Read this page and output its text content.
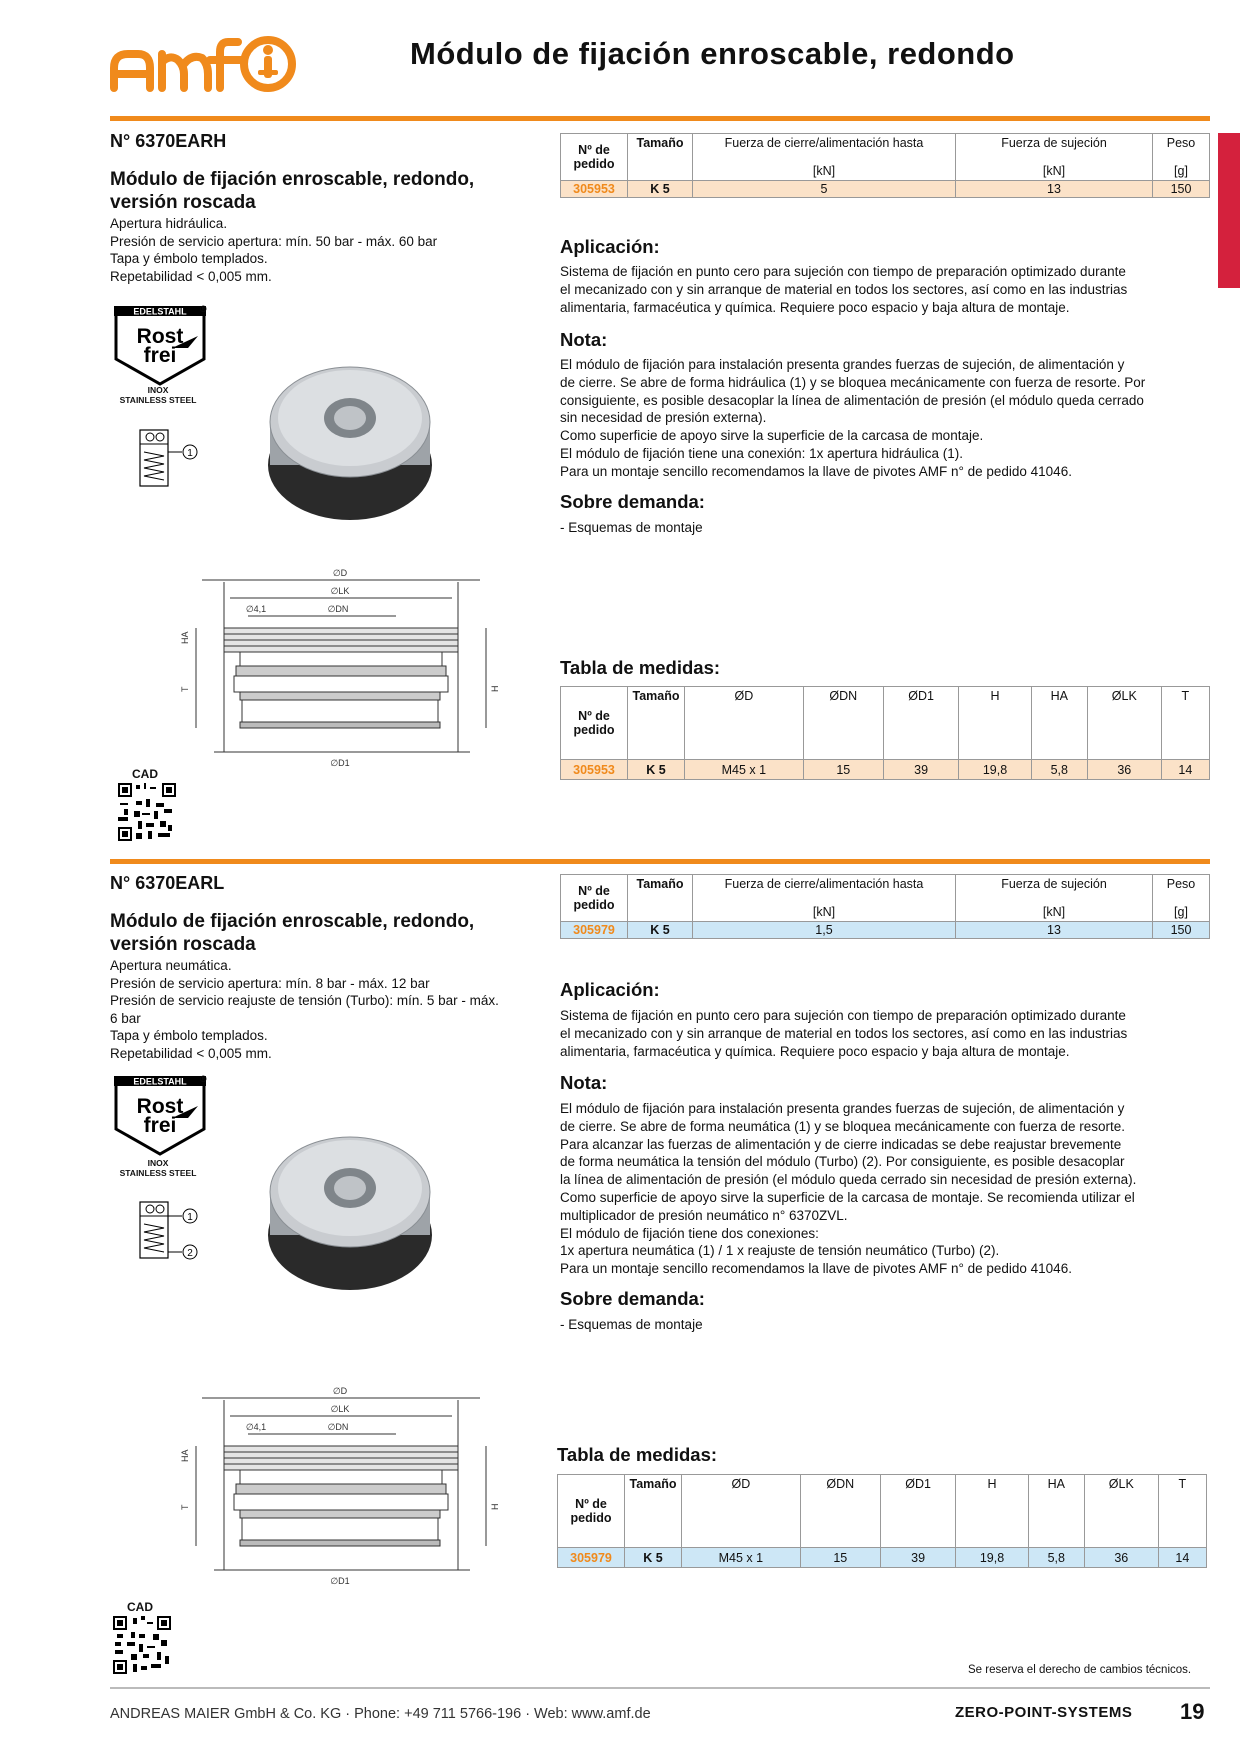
Módulo de fijación enroscable, redondo
N° 6370EARH
Módulo de fijación enroscable, redondo,
versión roscada
Apertura hidráulica.
Presión de servicio apertura: mín. 50 bar - máx. 60 bar
Tapa y émbolo templados.
Repetabilidad < 0,005 mm.
EDELSTAHL
Rost
frei
®
INOX
STAINLESS STEEL
1
∅D
∅LK
∅DN
∅4,1
∅D1
HA
T	H
CAD
Nº de pedido	Tamaño	Fuerza de cierre/alimentación hasta	Fuerza de sujeción	Peso
		[kN]	[kN]	[g]
305953	K 5	5	13	150
Aplicación:
Sistema de fijación en punto cero para sujeción con tiempo de preparación optimizado durante
el mecanizado con y sin arranque de material en todos los sectores, así como en las industrias
alimentaria, farmacéutica y química. Requiere poco espacio y baja altura de montaje.
Nota:
El módulo de fijación para instalación presenta grandes fuerzas de sujeción, de alimentación y
de cierre. Se abre de forma hidráulica (1) y se bloquea mecánicamente con fuerza de resorte. Por
consiguiente, es posible desacoplar la línea de alimentación de presión (el módulo queda cerrado
sin necesidad de presión externa).
Como superficie de apoyo sirve la superficie de la carcasa de montaje.
El módulo de fijación tiene una conexión: 1x apertura hidráulica (1).
Para un montaje sencillo recomendamos la llave de pivotes AMF n° de pedido 41046.
Sobre demanda:
- Esquemas de montaje
Tabla de medidas:
Nº de pedido	Tamaño	ØD	ØDN	ØD1	H	HA	ØLK	T
305953	K 5	M45 x 1	15	39	19,8	5,8	36	14
N° 6370EARL
Módulo de fijación enroscable, redondo,
versión roscada
Apertura neumática.
Presión de servicio apertura: mín. 8 bar - máx. 12 bar
Presión de servicio reajuste de tensión (Turbo): mín. 5 bar - máx.
6 bar
Tapa y émbolo templados.
Repetabilidad < 0,005 mm.
EDELSTAHL
Rost
frei
®
INOX
STAINLESS STEEL
1
2
∅D
∅LK
∅DN
∅4,1
∅D1
HA
T	H
CAD
Nº de pedido	Tamaño	Fuerza de cierre/alimentación hasta	Fuerza de sujeción	Peso
		[kN]	[kN]	[g]
305979	K 5	1,5	13	150
Aplicación:
Sistema de fijación en punto cero para sujeción con tiempo de preparación optimizado durante
el mecanizado con y sin arranque de material en todos los sectores, así como en las industrias
alimentaria, farmacéutica y química. Requiere poco espacio y baja altura de montaje.
Nota:
El módulo de fijación para instalación presenta grandes fuerzas de sujeción, de alimentación y
de cierre. Se abre de forma neumática (1) y se bloquea mecánicamente con fuerza de resorte.
Para alcanzar las fuerzas de alimentación y de cierre indicadas se debe reajustar brevemente
de forma neumática la tensión del módulo (Turbo) (2). Por consiguiente, es posible desacoplar
la línea de alimentación de presión (el módulo queda cerrado sin necesidad de presión externa).
Como superficie de apoyo sirve la superficie de la carcasa de montaje. Se recomienda utilizar el
multiplicador de presión neumático n° 6370ZVL.
El módulo de fijación tiene dos conexiones:
1x apertura neumática (1) / 1 x reajuste de tensión neumático (Turbo) (2).
Para un montaje sencillo recomendamos la llave de pivotes AMF n° de pedido 41046.
Sobre demanda:
- Esquemas de montaje
Tabla de medidas:
Nº de pedido	Tamaño	ØD	ØDN	ØD1	H	HA	ØLK	T
305979	K 5	M45 x 1	15	39	19,8	5,8	36	14
Se reserva el derecho de cambios técnicos.
ANDREAS MAIER GmbH & Co. KG · Phone: +49 711 5766-196 · Web: www.amf.de	ZERO-POINT-SYSTEMS 19
